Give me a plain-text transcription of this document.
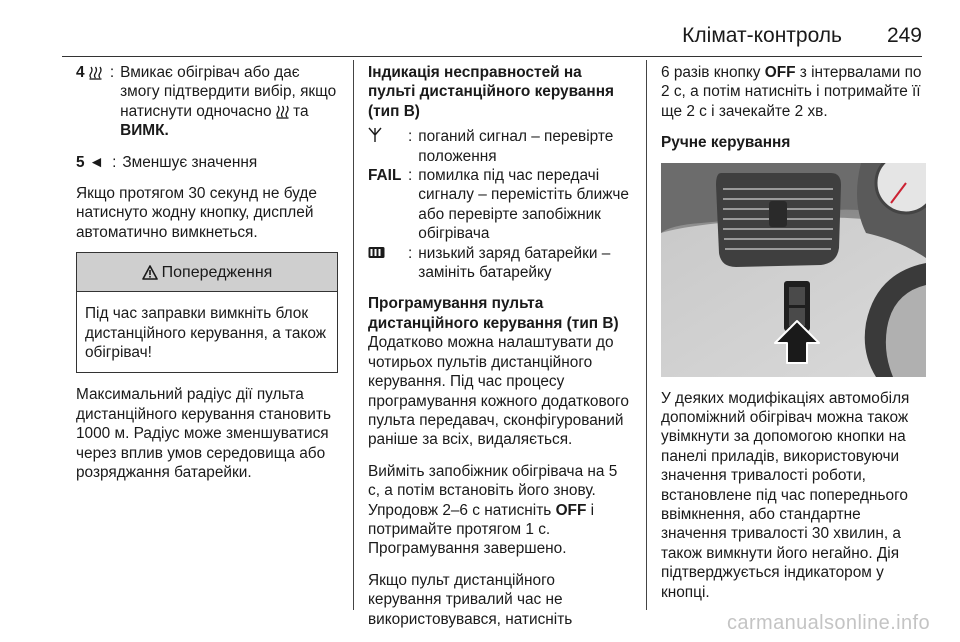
Клімат-контроль 249
4	: Вмикає обігрівач або дає змогу підтвердити вибір, якщо натиснути одночасно  та ВИМК.
5 ◄ : Зменшує значення

Якщо протягом 30 секунд не буде натиснуто жодну кнопку, дисплей автоматично вимкнеться.

Попередження
Під час заправки вимкніть блок дистанційного керування, а також обігрівач!

Максимальний радіус дії пульта дистанційного керування становить 1000 м. Радіус може зменшуватися через вплив умов середовища або розряджання батарейки.

Індикація несправностей на пульті дистанційного керування (тип B)

: поганий сигнал – перевірте положення
FAIL : помилка під час передачі сигналу – перемістіть ближче або перевірте запобіжник обігрівача
: низький заряд батарейки – замініть батарейку

Програмування пульта дистанційного керування (тип B)

Додатково можна налаштувати до чотирьох пультів дистанційного керування. Під час процесу програмування кожного додаткового пульта передавач, сконфігурований раніше за всіх, видаляється.

Вийміть запобіжник обігрівача на 5 с, а потім встановіть його знову. Упродовж 2–6 с натисніть OFF і потримайте протягом 1 с. Програмування завершено.

Якщо пульт дистанційного керування тривалий час не використовувався, натисніть

6 разів кнопку OFF з інтервалами по 2 с, а потім натисніть і потримайте її ще 2 с і зачекайте 2 хв.

Ручне керування

У деяких модифікаціях автомобіля допоміжний обігрівач можна також увімкнути за допомогою кнопки на панелі приладів, використовуючи значення тривалості роботи, встановлене під час попереднього ввімкнення, або стандартне значення тривалості 30 хвилин, а також вимкнути його негайно. Дія підтверджується індикатором у кнопці.

carmanualsonline.info
